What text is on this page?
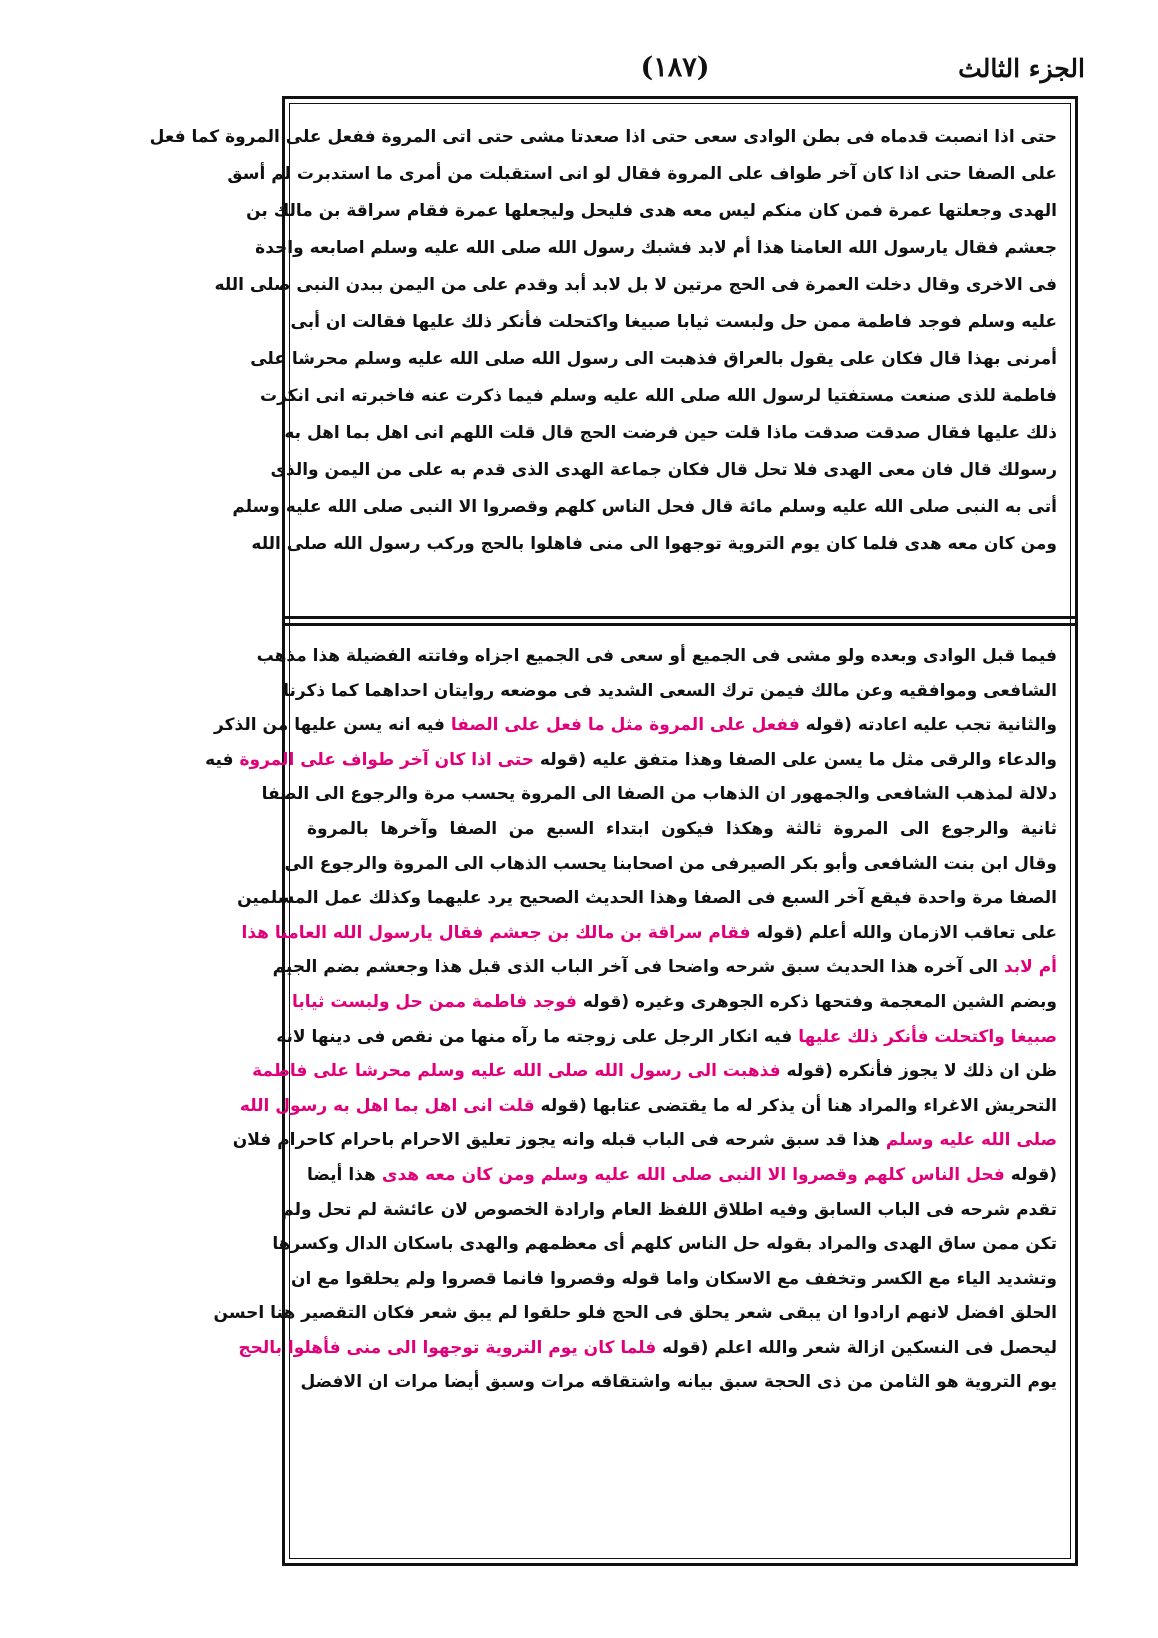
الجزء الثالث
(١٨٧)
حتى اذا انصبت قدماه فى بطن الوادى سعى حتى اذا صعدتا مشى حتى اتى المروة ففعل على المروة كما فعل
على الصفا حتى اذا كان آخر طواف على المروة فقال لو انى استقبلت من أمرى ما استدبرت لم أسق
الهدى وجعلتها عمرة فمن كان منكم ليس معه هدى فليحل وليجعلها عمرة فقام سراقة بن مالك بن
جعشم فقال يارسول الله العامنا هذا أم لابد فشبك رسول الله صلى الله عليه وسلم اصابعه واحدة
فى الاخرى وقال دخلت العمرة فى الحج مرتين لا بل لابد أبد وقدم على من اليمن ببدن النبى صلى الله
عليه وسلم فوجد فاطمة ممن حل ولبست ثيابا صبيغا واكتحلت فأنكر ذلك عليها فقالت ان أبى
أمرنى بهذا قال فكان على يقول بالعراق فذهبت الى رسول الله صلى الله عليه وسلم محرشا على
فاطمة للذى صنعت مستفتيا لرسول الله صلى الله عليه وسلم فيما ذكرت عنه فاخبرته انى انكرت
ذلك عليها فقال صدقت صدقت ماذا قلت حين فرضت الحج قال قلت اللهم انى اهل بما اهل به
رسولك قال فان معى الهدى فلا تحل قال فكان جماعة الهدى الذى قدم به على من اليمن والذى
أتى به النبى صلى الله عليه وسلم مائة قال فحل الناس كلهم وقصروا الا النبى صلى الله عليه وسلم
ومن كان معه هدى فلما كان يوم التروية توجهوا الى منى فاهلوا بالحج وركب رسول الله صلى الله
فيما قبل الوادى وبعده ولو مشى فى الجميع أو سعى فى الجميع اجزاه وفاتته الفضيلة هذا مذهب
الشافعى وموافقيه وعن مالك فيمن ترك السعى الشديد فى موضعه روايتان احداهما كما ذكرنا
والثانية تجب عليه اعادته (قوله ففعل على المروة مثل ما فعل على الصفا فيه انه يسن عليها من الذكر
والدعاء والرقى مثل ما يسن على الصفا وهذا متفق عليه (قوله حتى اذا كان آخر طواف على المروة فيه
دلالة لمذهب الشافعى والجمهور ان الذهاب من الصفا الى المروة يحسب مرة والرجوع الى الصفا
ثانية والرجوع الى المروة ثالثة وهكذا فيكون ابتداء السبع من الصفا وآخرها بالمروة
وقال ابن بنت الشافعى وأبو بكر الصيرفى من اصحابنا يحسب الذهاب الى المروة والرجوع الى
الصفا مرة واحدة فيقع آخر السبع فى الصفا وهذا الحديث الصحيح يرد عليهما وكذلك عمل المسلمين
على تعاقب الازمان والله أعلم (قوله فقام سراقة بن مالك بن جعشم فقال يارسول الله العامنا هذا
أم لابد الى آخره هذا الحديث سبق شرحه واضحا فى آخر الباب الذى قبل هذا وجعشم بضم الجيم
وبضم الشين المعجمة وفتحها ذكره الجوهرى وغيره (قوله فوجد فاطمة ممن حل ولبست ثيابا
صبيغا واكتحلت فأنكر ذلك عليها فيه انكار الرجل على زوجته ما رآه منها من نقص فى دينها لانه
ظن ان ذلك لا يجوز فأنكره (قوله فذهبت الى رسول الله صلى الله عليه وسلم محرشا على فاطمة
التحريش الاغراء والمراد هنا أن يذكر له ما يقتضى عتابها (قوله قلت انى اهل بما اهل به رسول الله
صلى الله عليه وسلم هذا قد سبق شرحه فى الباب قبله وانه يجوز تعليق الاحرام باحرام كاحرام فلان
(قوله فحل الناس كلهم وقصروا الا النبى صلى الله عليه وسلم ومن كان معه هدى هذا أيضا
تقدم شرحه فى الباب السابق وفيه اطلاق اللفظ العام وارادة الخصوص لان عائشة لم تحل ولم
تكن ممن ساق الهدى والمراد بقوله حل الناس كلهم أى معظمهم والهدى باسكان الدال وكسرها
وتشديد الياء مع الكسر وتخفف مع الاسكان واما قوله وقصروا فانما قصروا ولم يحلقوا مع ان
الحلق افضل لانهم ارادوا ان يبقى شعر يحلق فى الحج فلو حلقوا لم يبق شعر فكان التقصير هنا احسن
ليحصل فى النسكين ازالة شعر والله اعلم (قوله فلما كان يوم التروية توجهوا الى منى فأهلوا بالحج
يوم التروية هو الثامن من ذى الحجة سبق بيانه واشتقاقه مرات وسبق أيضا مرات ان الافضل
